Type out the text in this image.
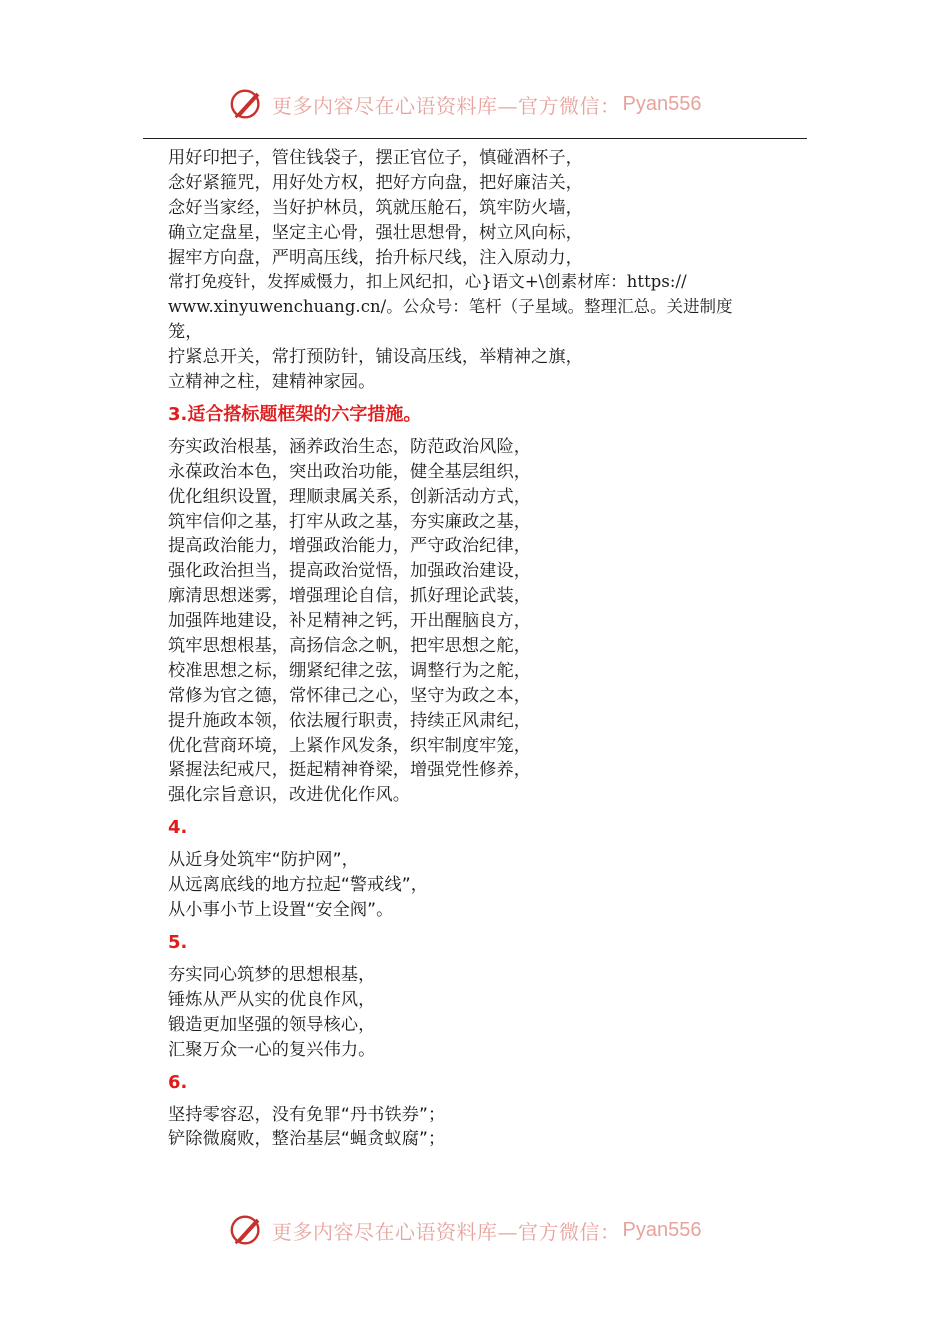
更多内容尽在心语资料库—官方微信： Pyan556
用好印把子，管住钱袋子，摆正官位子，慎碰酒杯子，
念好紧箍咒，用好处方权，把好方向盘，把好廉洁关，
念好当家经，当好护林员，筑就压舱石，筑牢防火墙，
确立定盘星，坚定主心骨，强壮思想骨，树立风向标，
握牢方向盘，严明高压线，抬升标尺线，注入原动力，
常打免疫针，发挥威慑力，扣上风纪扣，心}语文+\创素材库：https://
www.xinyuwenchuang.cn/。公众号：笔杆（子星域。整理汇总。关进制度
笼，
拧紧总开关，常打预防针，铺设高压线，举精神之旗，
立精神之柱，建精神家园。
3.适合搭标题框架的六字措施。
夯实政治根基，涵养政治生态，防范政治风险，
永葆政治本色，突出政治功能，健全基层组织，
优化组织设置，理顺隶属关系，创新活动方式，
筑牢信仰之基，打牢从政之基，夯实廉政之基，
提高政治能力，增强政治能力，严守政治纪律，
强化政治担当，提高政治觉悟，加强政治建设，
廓清思想迷雾，增强理论自信，抓好理论武装，
加强阵地建设，补足精神之钙，开出醒脑良方，
筑牢思想根基，高扬信念之帆，把牢思想之舵，
校准思想之标，绷紧纪律之弦，调整行为之舵，
常修为官之德，常怀律己之心，坚守为政之本，
提升施政本领，依法履行职责，持续正风肃纪，
优化营商环境，上紧作风发条，织牢制度牢笼，
紧握法纪戒尺，挺起精神脊梁，增强党性修养，
强化宗旨意识，改进优化作风。
4.
从近身处筑牢“防护网”，
从远离底线的地方拉起“警戒线”，
从小事小节上设置“安全阀”。
5.
夯实同心筑梦的思想根基，
锤炼从严从实的优良作风，
锻造更加坚强的领导核心，
汇聚万众一心的复兴伟力。
6.
坚持零容忍，没有免罪“丹书铁券”；
铲除微腐败，整治基层“蝇贪蚁腐”；
更多内容尽在心语资料库—官方微信： Pyan556
